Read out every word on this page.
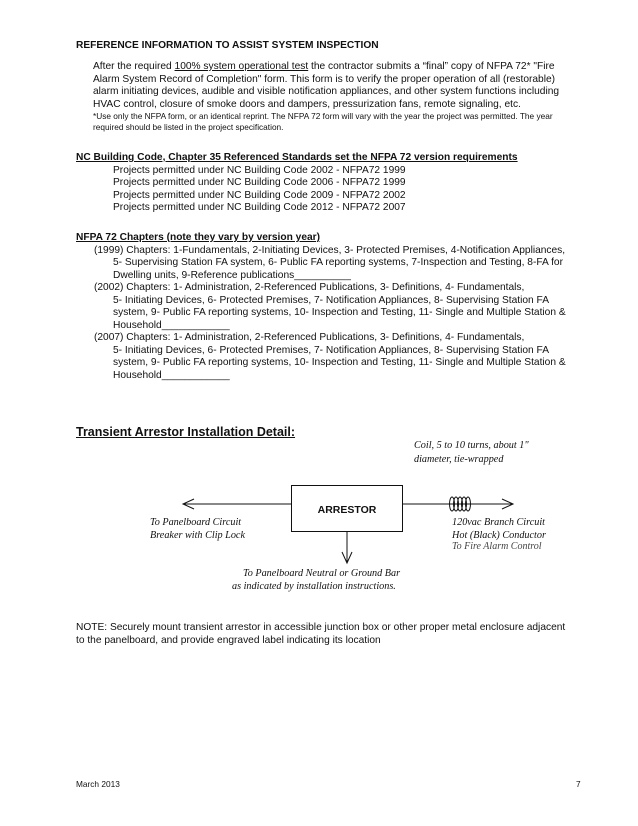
REFERENCE INFORMATION TO ASSIST SYSTEM INSPECTION
After the required 100% system operational test the contractor submits a “final” copy of NFPA 72* "Fire
Alarm System Record of Completion" form. This form is to verify the proper operation of all (restorable)
alarm initiating devices, audible and visible notification appliances, and other system functions including
HVAC control, closure of smoke doors and dampers, pressurization fans, remote signaling, etc.
*Use only the NFPA form, or an identical reprint. The NFPA 72 form will vary with the year the project was permitted. The year
required should be listed in the project specification.
NC Building Code, Chapter 35 Referenced Standards set the NFPA 72 version requirements
Projects permitted under NC Building Code 2002 - NFPA72 1999
Projects permitted under NC Building Code 2006 - NFPA72 1999
Projects permitted under NC Building Code 2009 - NFPA72 2002
Projects permitted under NC Building Code 2012 - NFPA72 2007
NFPA 72 Chapters (note they vary by version year)
(1999) Chapters: 1-Fundamentals, 2-Initiating Devices, 3- Protected Premises, 4-Notification Appliances,
5- Supervising Station FA system, 6- Public FA reporting systems, 7-Inspection and Testing, 8-FA for
Dwelling units, 9-Reference publications__________
(2002) Chapters: 1- Administration, 2-Referenced Publications, 3- Definitions, 4- Fundamentals,
5- Initiating Devices, 6- Protected Premises, 7- Notification Appliances, 8- Supervising Station FA
system, 9- Public FA reporting systems, 10- Inspection and Testing, 11- Single and Multiple Station &
Household____________
(2007) Chapters: 1- Administration, 2-Referenced Publications, 3- Definitions, 4- Fundamentals,
5- Initiating Devices, 6- Protected Premises, 7- Notification Appliances, 8- Supervising Station FA
system, 9- Public FA reporting systems, 10- Inspection and Testing, 11- Single and Multiple Station &
Household____________
Transient Arrestor Installation Detail:
Coil, 5 to 10 turns, about 1"
diameter, tie-wrapped
ARRESTOR
To Panelboard Circuit
Breaker with Clip Lock
120vac Branch Circuit
Hot (Black) Conductor
To Fire Alarm Control
To Panelboard Neutral or Ground Bar
as indicated by installation instructions.
NOTE: Securely mount transient arrestor in accessible junction box or other proper metal enclosure adjacent
to the panelboard, and provide engraved label indicating its location
March 2013	7
